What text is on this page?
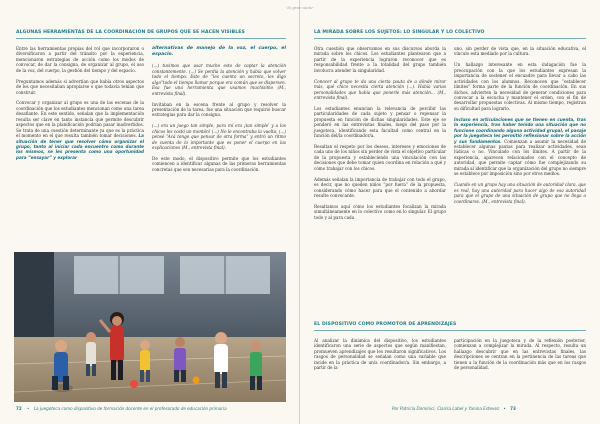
-la gran siete-
ALGUNAS HERRAMIENTAS DE LA COORDINACIÓN DE GRUPOS QUE SE HACEN VISIBLES

Entre las herramientas propias del rol que incorporaron o diversificaron a partir del tránsito por la experiencia, mencionaron estrategias de acción como los modos de convocar, de dar la consigna, de organizar al grupo, el uso de la voz, del cuerpo, la gestión del tiempo y del espacio.

Preguntamos además si advertían que había otros aspectos de los que necesitaban apropiarse o que todavía tenían que construir.

Convocar y organizar al grupo es una de las escenas de la coordinación que los estudiantes mencionan como una tarea desafiante. En este sentido, señalan que la implementación resulta ser clave en tanto instancia que permite descubrir aspectos que en la planificación podrían pasar inadvertidos. Se trata de una cuestión determinante ya que es la práctica el momento en el que resulta también tomar decisiones. La situación de tener que resolver cómo organizar el grupo, tanto al iniciar cada encuentro como durante los mismos, se les presenta como una oportunidad para “ensayar” y explorar

alternativas de manejo de la voz, el cuerpo, el espacio.

(...) tuvimos que usar mucho esto de captar la atención constantemente. (...) Se perdía la atención y había que volver todo el tiempo. Esto de “les cuento un secreto, les digo algo”todo el tiempo llamar porque era común que se dispersen. Esa fue una herramienta que usamos muchísimo (M., entrevista final).

Invitaban en la escena frente al grupo y resolver la presentación de la tarea. fue una situación que requirió buscar estrategias para dar la consigna.

(...) era un juego tan simple, para mí era ¡tan simple’ y a los chicos les costó un montón! (...) No le encontraba la vuelta, (...) pensé “Acá tengo que pensar de otra forma” y entró un ritmo de cuenta de lo importante que es poner el cuerpo en las explicaciones (M., entrevista final).

De este modo, el dispositivo permite que los estudiantes comiencen a identificar algunas de las primeras herramientas concretas que son necesarias para la coordinación.

72 • La juegoteca como dispositivo de formación docente en el profesorado de educación primaria
LA MIRADA SOBRE LOS SUJETOS: LO SINGULAR Y LO COLECTIVO

Otra cuestión que observamos en sus discursos aborda la mirada sobre los chicos. Los estudiantes plantearon que a partir de la experiencia lograron reconocer que es responsabilidad frente a la totalidad del grupo también involucra atender la singularidad.

Conocer al grupo te da una cierta pauta de a dónde mirar más, qué chico necesita cierta atención (...). Había varias personalidades que había que ponerle más atención... (M., entrevista final).

Los estudiantes enuncian la relevancia de percibir las particularidades de cada sujeto y pensar o repensar la propuesta en función de dichas singularidades. Este eje se ponderó en las entrevistas finales, luego del paso por la juegoteca, identificando esta facultad como central en la función del/la coordinador/a.

Resaltan el respeto por los deseos, intereses y emociones de cada uno de los niños sin perder de vista el objetivo particular de la propuesta y estableciendo una vinculación con las decisiones que debe tomar quien coordina en relación a qué y cómo trabajar con los chicos.

Además señalan la importancia de trabajar con todo el grupo, es decir, que no queden niños “por fuera” de la propuesta, considerando cómo hacer para que el contenido a abordar resulte convocante.

Resaltamos aquí cómo los estudiantes focalizan la mirada simultáneamente en lo colectivo como en lo singular. El grupo todo y al para cada

uno, sin perder de vista que, en la situación educativa, el vínculo está mediado por la cultura.

Un hallazgo interesante en esta indagación fue la preocupación con la que los estudiantes expresan la importancia de sostener el encuadre para llevar a cabo las actividades con los alumnos. Reconocen que “establecer límites” forma parte de la función de coordinación. En sus dichos, advierten la necesidad de generar condiciones para convocar a la escucha y mantener el orden, con el fin de desarrollar propuestas colectivas. Al mismo tiempo, registran su dificultad para lograrlo.

Incluso en articulaciones que se tienen en cuenta, tras la experiencia, tras haber tenido una situación que no funcione coordinando alguna actividad grupal, el pasaje por la juegoteca les permitió reflexionar sobre la acción y sus fundamentos. Comienzan a asumir la necesidad de establecer algunas pautas para realizar actividades, sean lúdicas o no. Vinculado con los límites. A partir de la experiencia, aparecen relacionados con el concepto de autoridad, que permite captar cómo fue complejizando su mirada al identificar que la organización del grupo no siempre se establece por imposición sino por otros medios.

Cuando en un grupo hay una situación de autoridad clara, que es real, hay una autoridad para hacer algo de esa autoridad para que el grupo de una situación de grupo que no llega a coordinarse. (M., entrevista final).

EL DISPOSITIVO COMO PROMOTOR DE APRENDIZAJES

Al analizar la dinámica del dispositivo, los estudiantes identificaron una serie de aspectos que según manifiestan, promueven aprendizajes que les resultaron significativos. Los rasgos de personalidad se señalan como una variable que incide en la práctica de un/a coordinador/a. Sin embargo, a partir de la

participación en la juegoteca y de la reflexión posterior, comienzan a complejizar la mirada. Al respecto, resulta un hallazgo descubrir que en las entrevistas finales, las descripciones se centran en la pertinencia de las tareas que tienen a la función de la coordinación más que en los rasgos de personalidad.

Por Patricia Domínici, Clarisa Label y Yanina Estevez • 73
